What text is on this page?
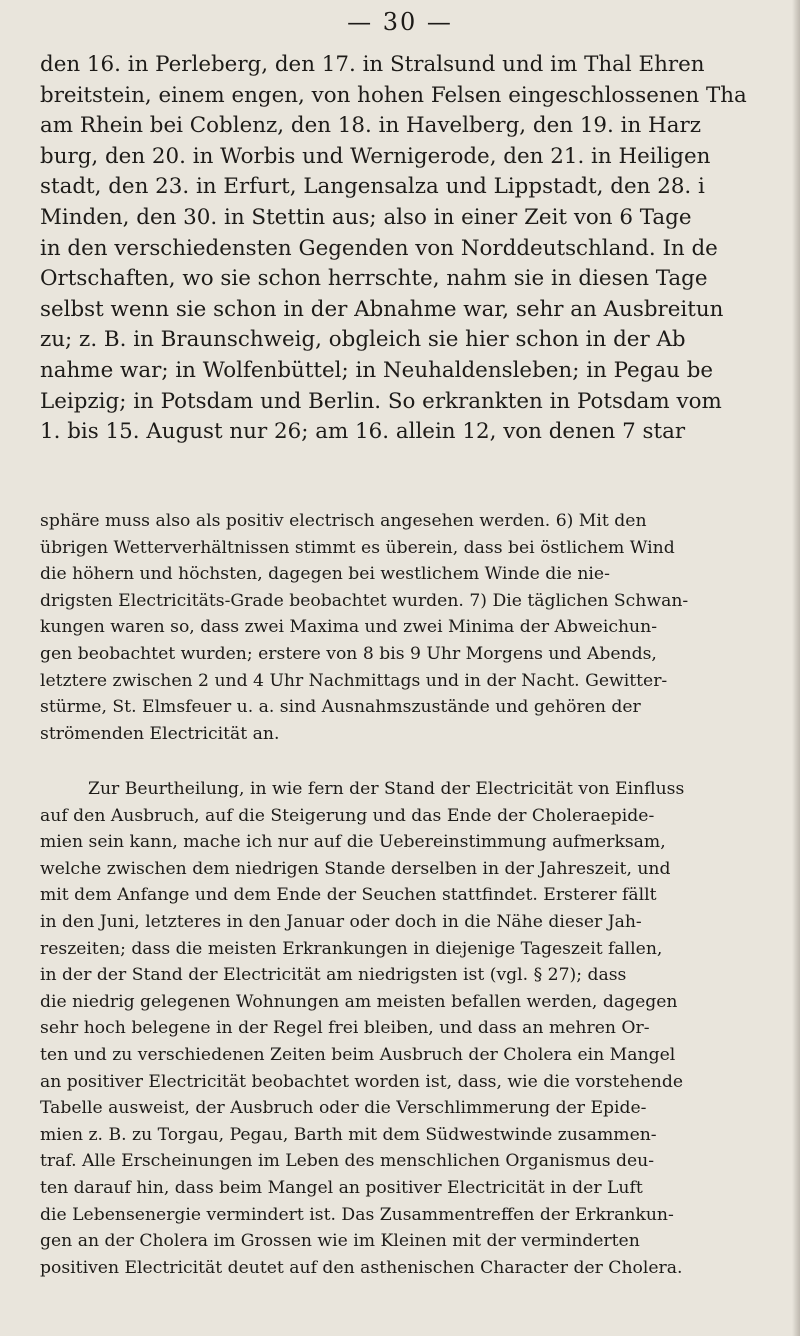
— 30 —
den 16. in Perleberg, den 17. in Stralsund und im Thal Ehren
breitstein, einem engen, von hohen Felsen eingeschlossenen Tha
am Rhein bei Coblenz, den 18. in Havelberg, den 19. in Harz
burg, den 20. in Worbis und Wernigerode, den 21. in Heiligen
stadt, den 23. in Erfurt, Langensalza und Lippstadt, den 28. i
Minden, den 30. in Stettin aus; also in einer Zeit von 6 Tage
in den verschiedensten Gegenden von Norddeutschland. In de
Ortschaften, wo sie schon herrschte, nahm sie in diesen Tage
selbst wenn sie schon in der Abnahme war, sehr an Ausbreitun
zu; z. B. in Braunschweig, obgleich sie hier schon in der Ab
nahme war; in Wolfenbüttel; in Neuhaldensleben; in Pegau be
Leipzig; in Potsdam und Berlin. So erkrankten in Potsdam vom
1. bis 15. August nur 26; am 16. allein 12, von denen 7 star
sphäre muss also als positiv electrisch angesehen werden. 6) Mit den
übrigen Wetterverhältnissen stimmt es überein, dass bei östlichem Wind
die höhern und höchsten, dagegen bei westlichem Winde die nie-
drigsten Electricitäts-Grade beobachtet wurden. 7) Die täglichen Schwan-
kungen waren so, dass zwei Maxima und zwei Minima der Abweichun-
gen beobachtet wurden; erstere von 8 bis 9 Uhr Morgens und Abends,
letztere zwischen 2 und 4 Uhr Nachmittags und in der Nacht. Gewitter-
stürme, St. Elmsfeuer u. a. sind Ausnahmszustände und gehören der
strömenden Electricität an.
Zur Beurtheilung, in wie fern der Stand der Electricität von Einfluss
auf den Ausbruch, auf die Steigerung und das Ende der Choleraepide-
mien sein kann, mache ich nur auf die Uebereinstimmung aufmerksam,
welche zwischen dem niedrigen Stande derselben in der Jahreszeit, und
mit dem Anfange und dem Ende der Seuchen stattfindet. Ersterer fällt
in den Juni, letzteres in den Januar oder doch in die Nähe dieser Jah-
reszeiten; dass die meisten Erkrankungen in diejenige Tageszeit fallen,
in der der Stand der Electricität am niedrigsten ist (vgl. § 27); dass
die niedrig gelegenen Wohnungen am meisten befallen werden, dagegen
sehr hoch belegene in der Regel frei bleiben, und dass an mehren Or-
ten und zu verschiedenen Zeiten beim Ausbruch der Cholera ein Mangel
an positiver Electricität beobachtet worden ist, dass, wie die vorstehende
Tabelle ausweist, der Ausbruch oder die Verschlimmerung der Epide-
mien z. B. zu Torgau, Pegau, Barth mit dem Südwestwinde zusammen-
traf. Alle Erscheinungen im Leben des menschlichen Organismus deu-
ten darauf hin, dass beim Mangel an positiver Electricität in der Luft
die Lebensenergie vermindert ist. Das Zusammentreffen der Erkrankun-
gen an der Cholera im Grossen wie im Kleinen mit der verminderten
positiven Electricität deutet auf den asthenischen Character der Cholera.
